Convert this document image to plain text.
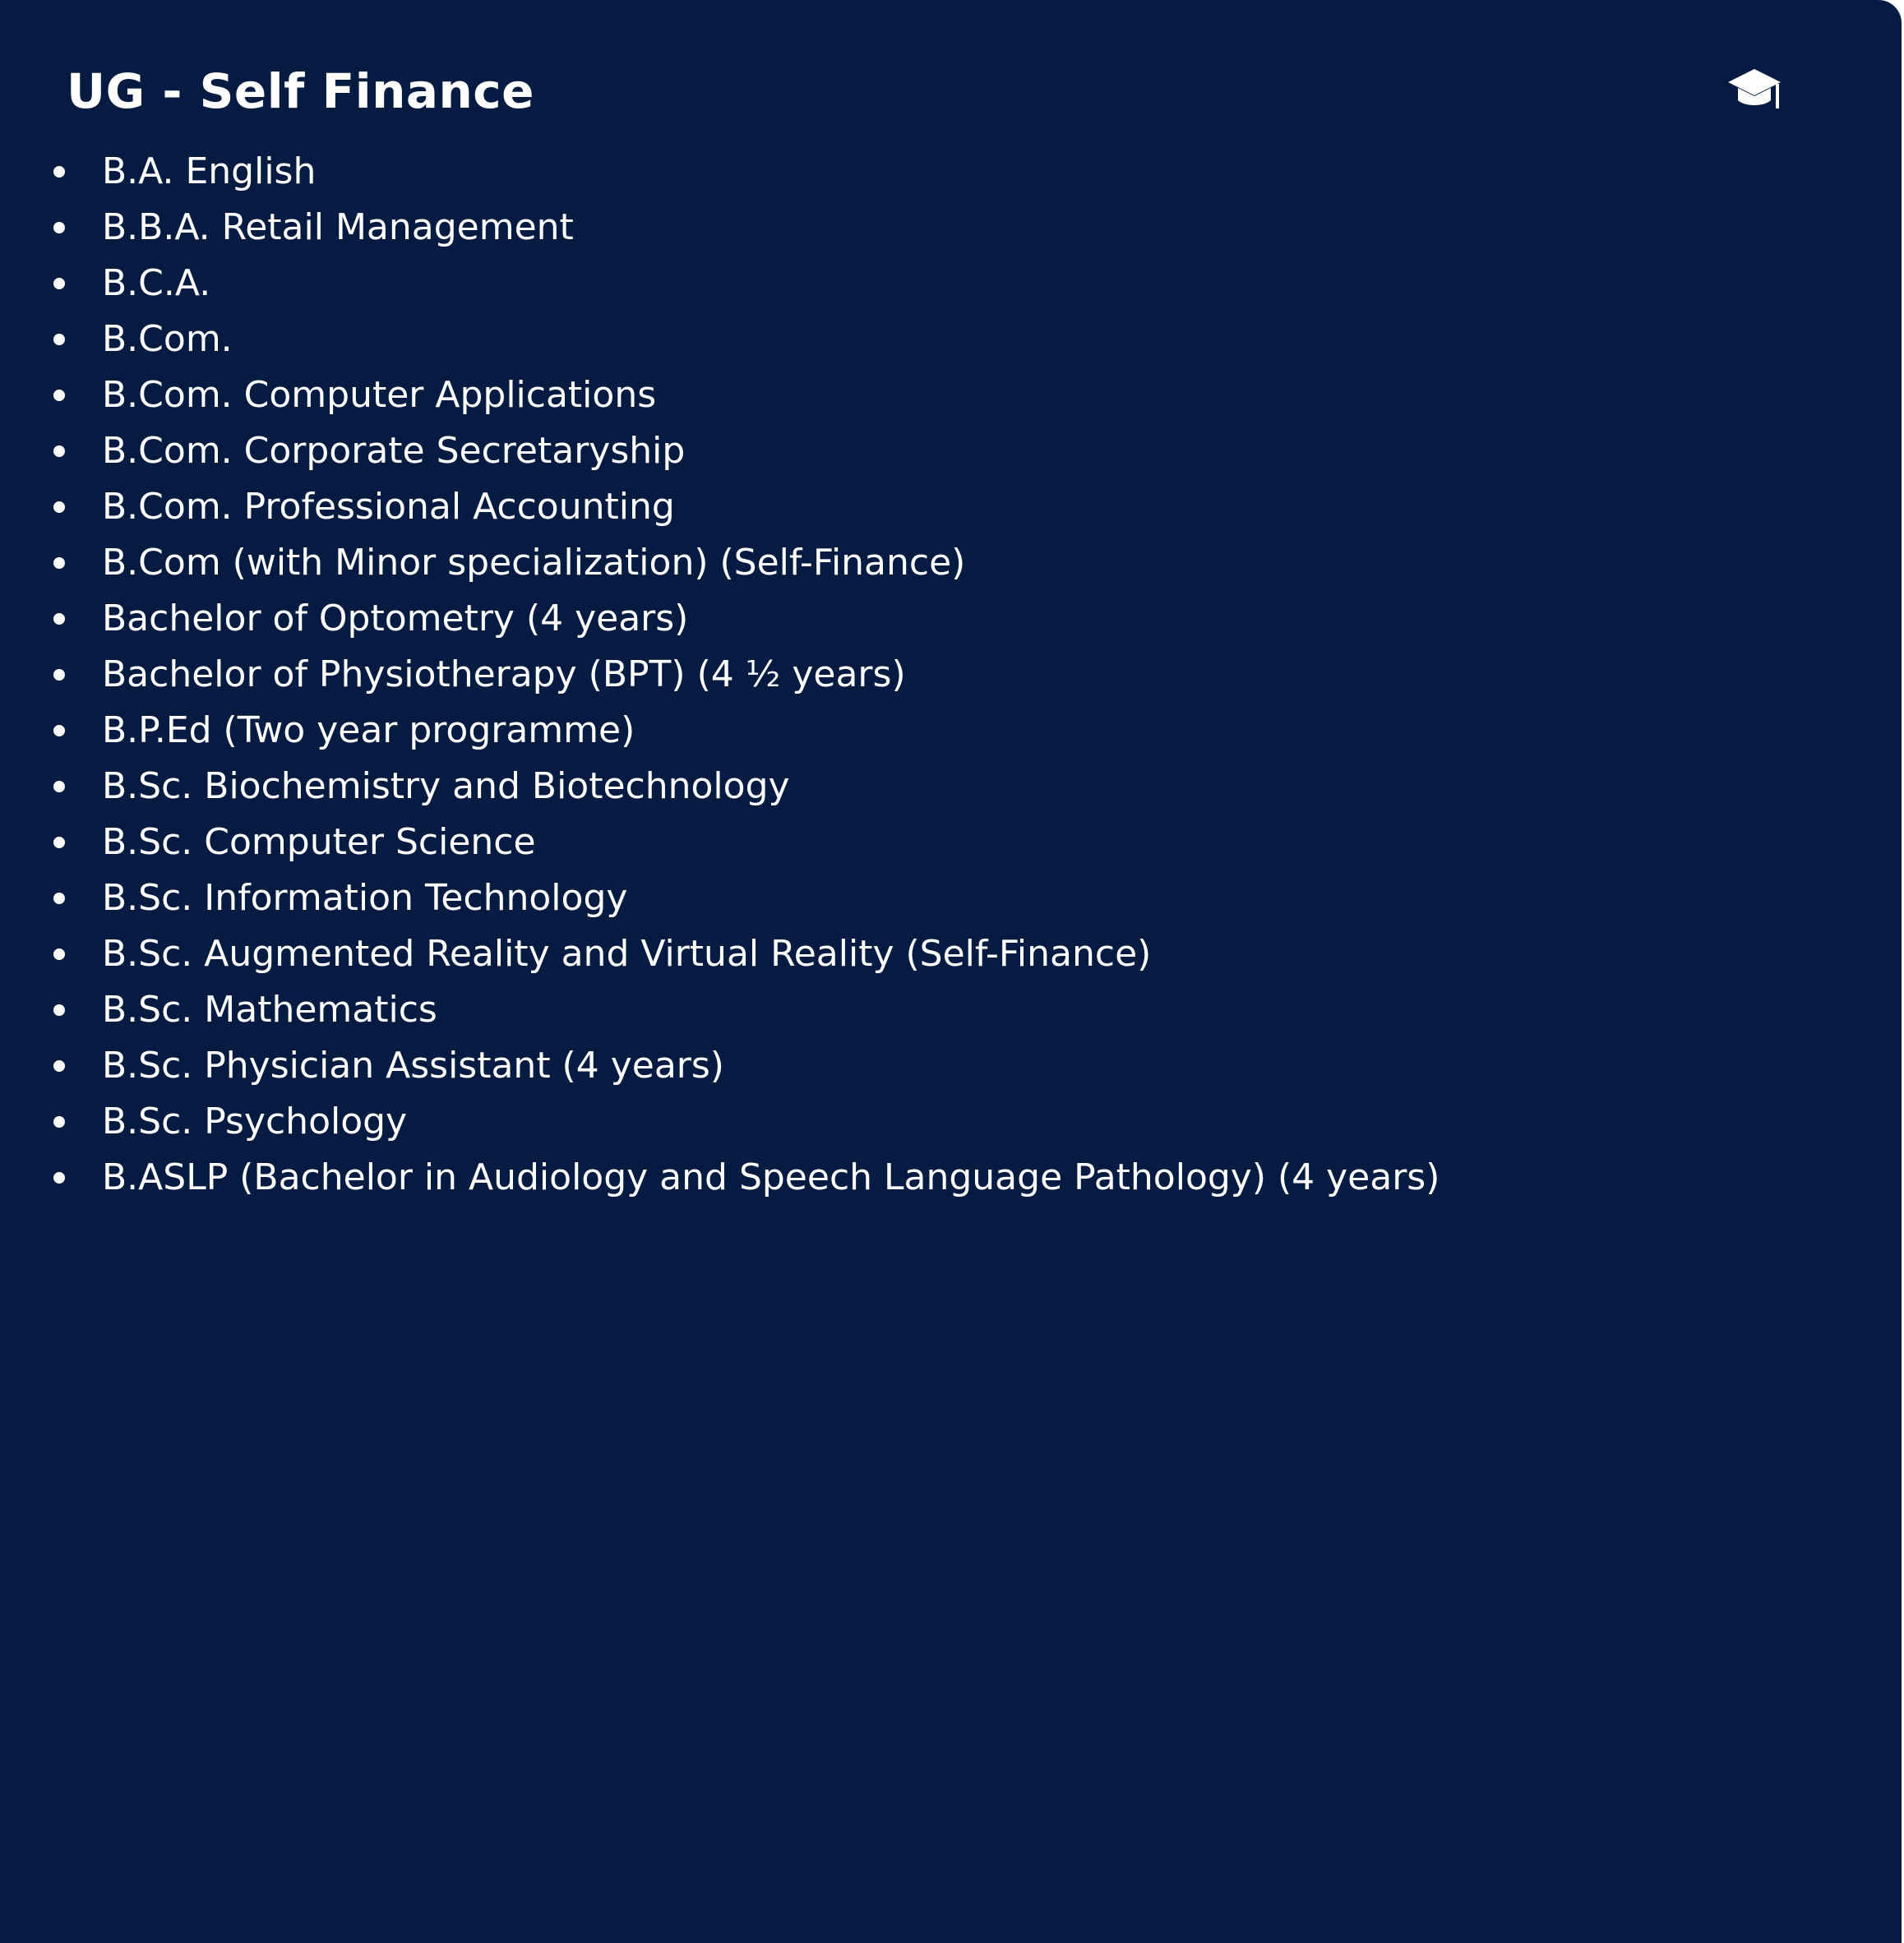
UG - Self Finance
B.A. English
B.B.A. Retail Management
B.C.A.
B.Com.
B.Com. Computer Applications
B.Com. Corporate Secretaryship
B.Com. Professional Accounting
B.Com (with Minor specialization) (Self-Finance)
Bachelor of Optometry (4 years)
Bachelor of Physiotherapy (BPT) (4 ½ years)
B.P.Ed (Two year programme)
B.Sc. Biochemistry and Biotechnology
B.Sc. Computer Science
B.Sc. Information Technology
B.Sc. Augmented Reality and Virtual Reality (Self-Finance)
B.Sc. Mathematics
B.Sc. Physician Assistant (4 years)
B.Sc. Psychology
B.ASLP (Bachelor in Audiology and Speech Language Pathology) (4 years)
